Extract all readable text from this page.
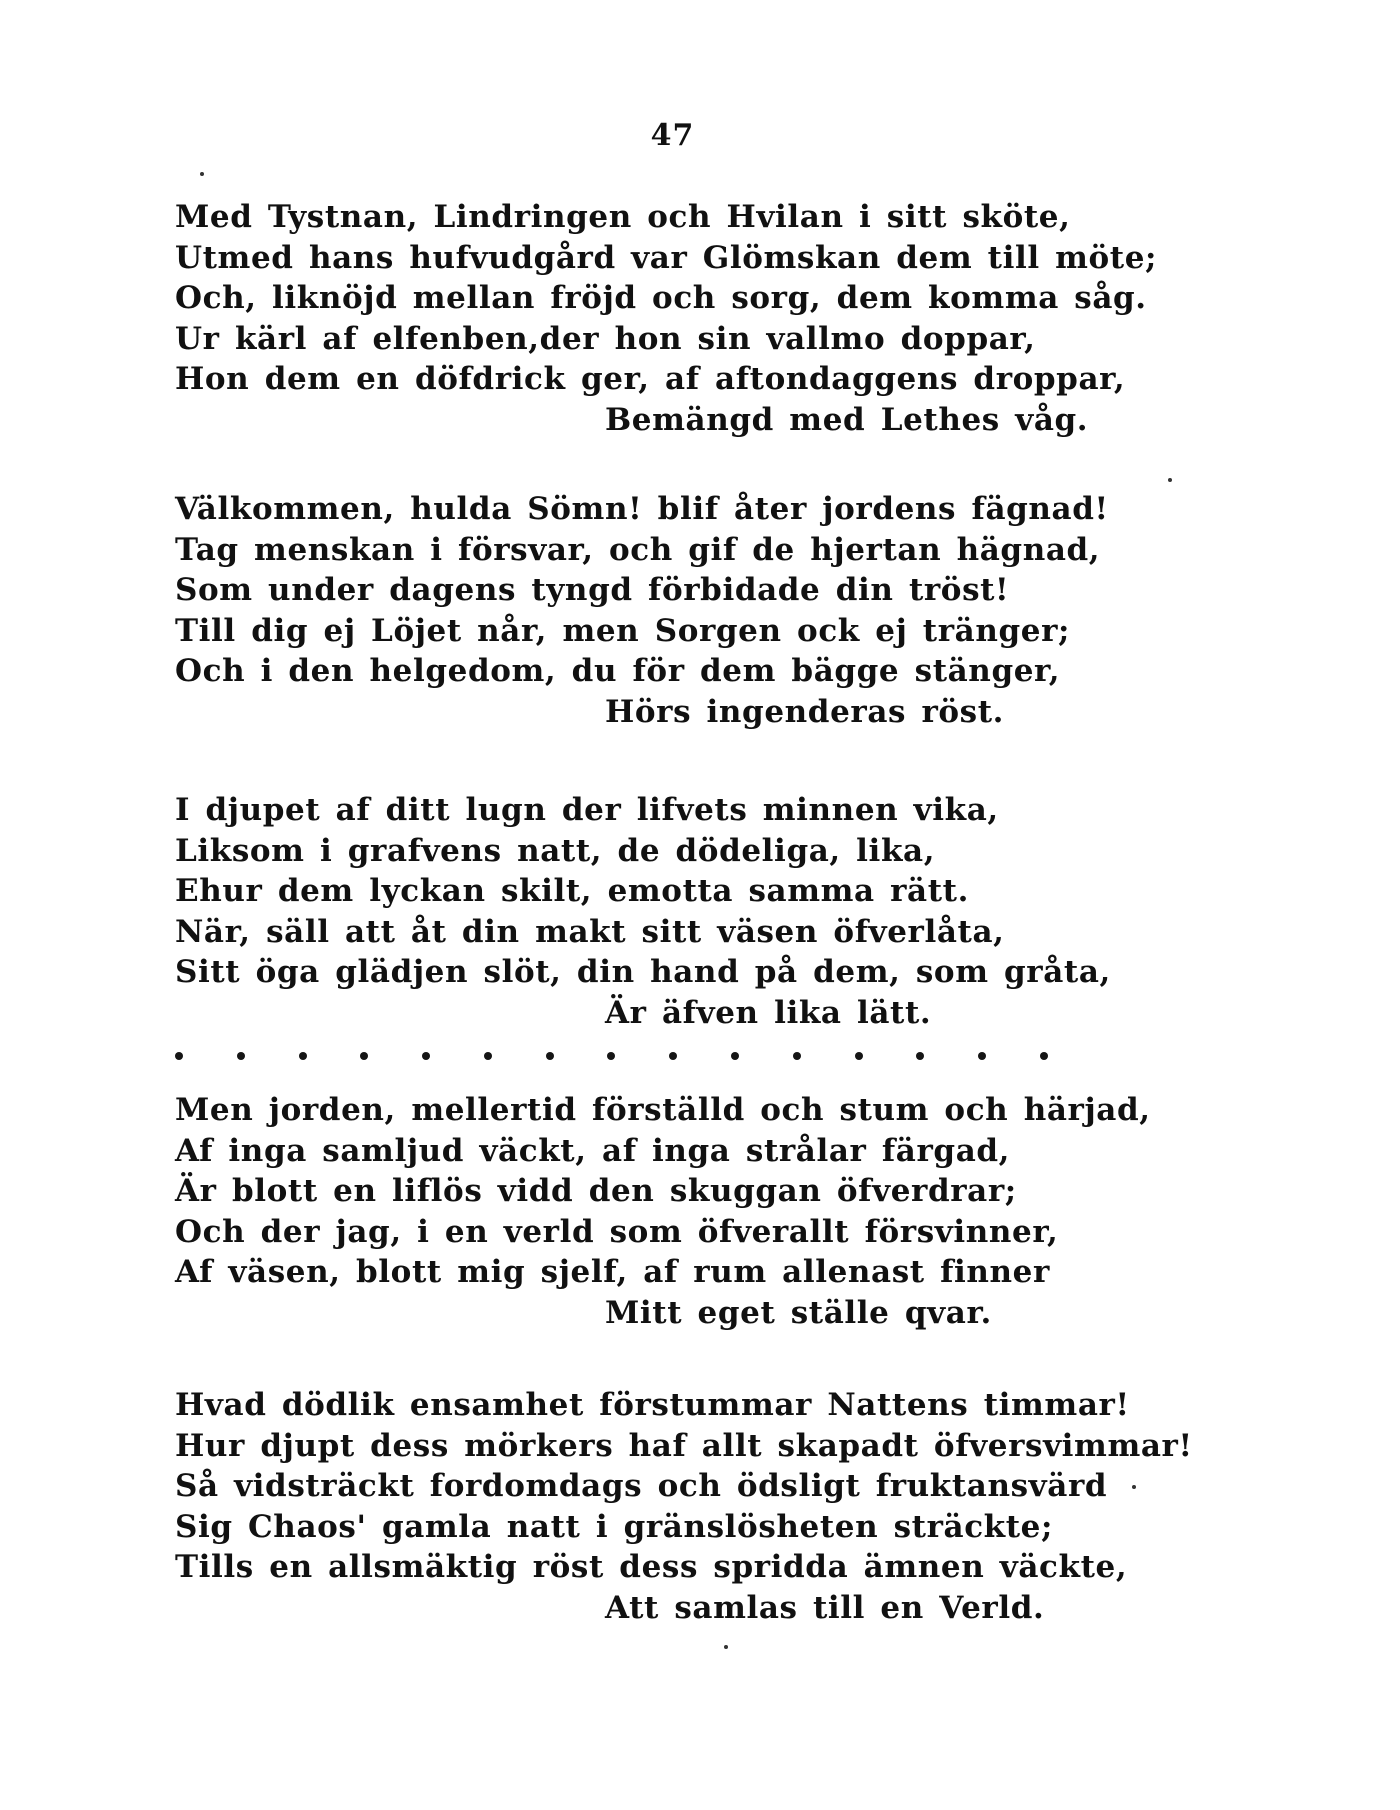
47
Med Tystnan, Lindringen och Hvilan i sitt sköte,
Utmed hans hufvudgård var Glömskan dem till möte;
Och, liknöjd mellan fröjd och sorg, dem komma såg.
Ur kärl af elfenben,der hon sin vallmo doppar,
Hon dem en döfdrick ger, af aftondaggens droppar,
Bemängd med Lethes våg.
Välkommen, hulda Sömn! blif åter jordens fägnad!
Tag menskan i försvar, och gif de hjertan hägnad,
Som under dagens tyngd förbidade din tröst!
Till dig ej Löjet når, men Sorgen ock ej tränger;
Och i den helgedom, du för dem bägge stänger,
Hörs ingenderas röst.
I djupet af ditt lugn der lifvets minnen vika,
Liksom i grafvens natt, de dödeliga, lika,
Ehur dem lyckan skilt, emotta samma rätt.
När, säll att åt din makt sitt väsen öfverlåta,
Sitt öga glädjen slöt, din hand på dem, som gråta,
Är äfven lika lätt.
Men jorden, mellertid förställd och stum och härjad,
Af inga samljud väckt, af inga strålar färgad,
Är blott en liflös vidd den skuggan öfverdrar;
Och der jag, i en verld som öfverallt försvinner,
Af väsen, blott mig sjelf, af rum allenast finner
Mitt eget ställe qvar.
Hvad dödlik ensamhet förstummar Nattens timmar!
Hur djupt dess mörkers haf allt skapadt öfversvimmar!
Så vidsträckt fordomdags och ödsligt fruktansvärd
Sig Chaos' gamla natt i gränslösheten sträckte;
Tills en allsmäktig röst dess spridda ämnen väckte,
Att samlas till en Verld.
